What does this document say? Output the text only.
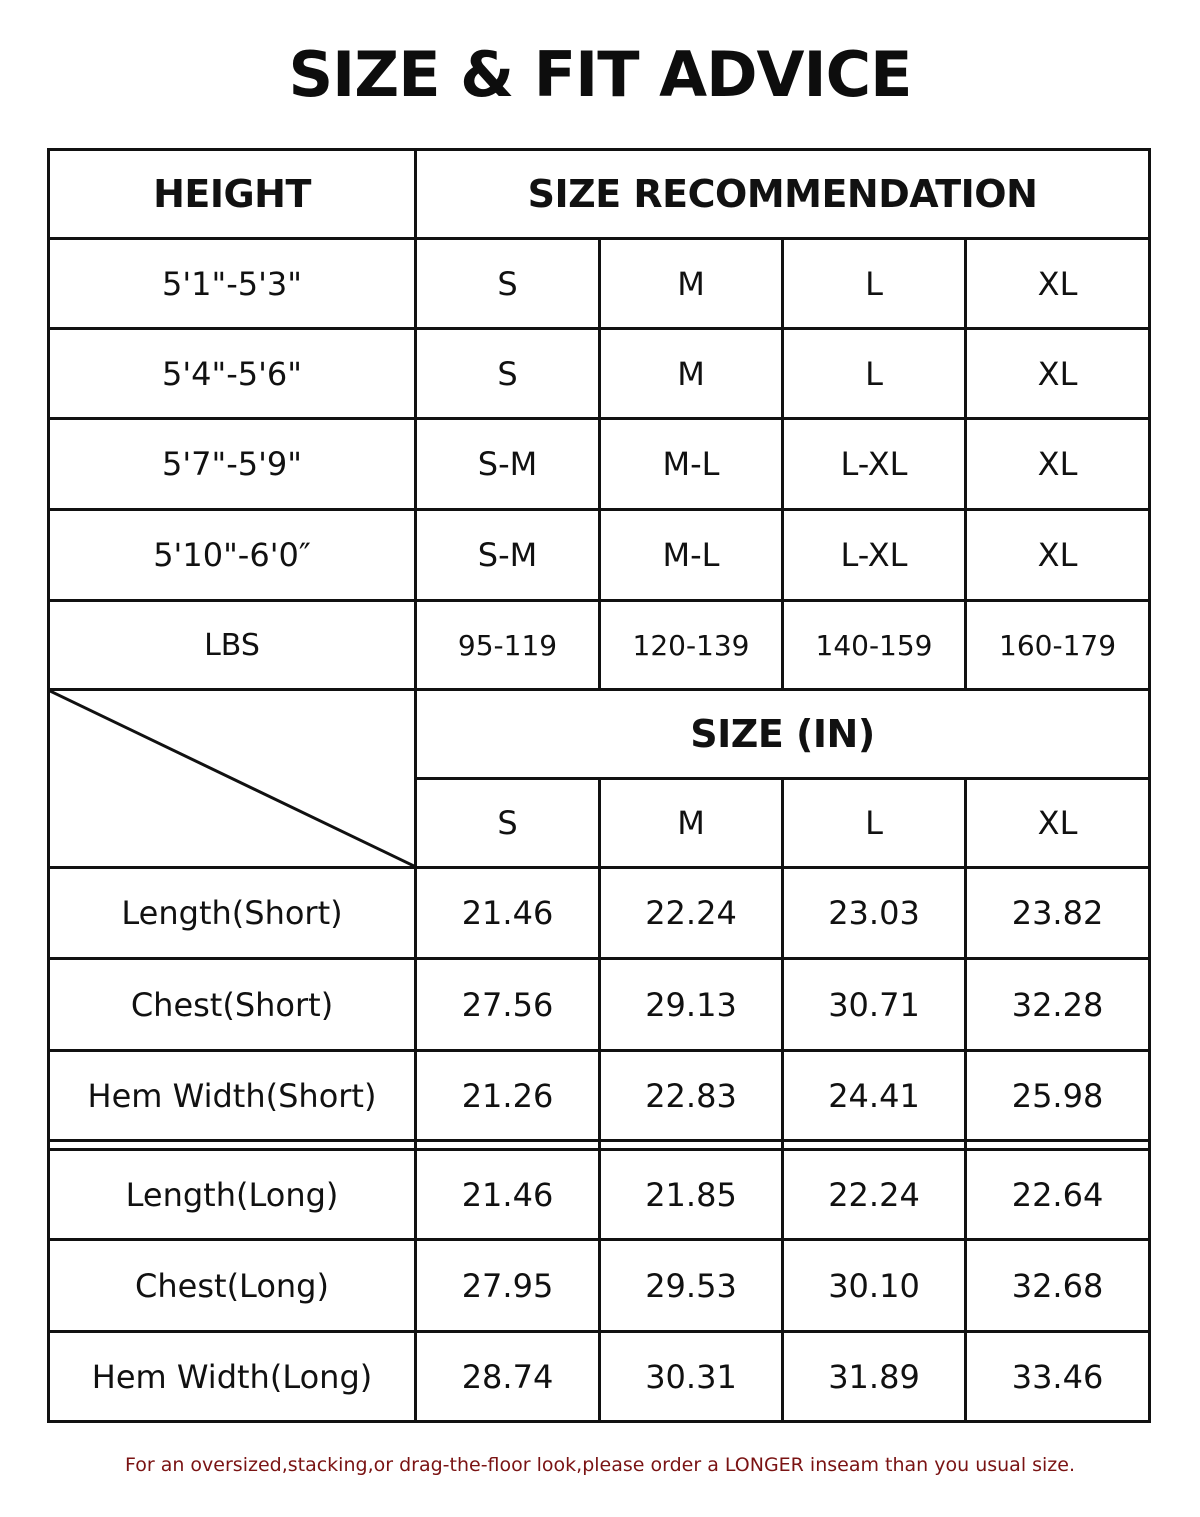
SIZE & FIT ADVICE
HEIGHT	SIZE RECOMMENDATION			
5'1"-5'3"	S	M	L	XL
5'4"-5'6"	S	M	L	XL
5'7"-5'9"	S-M	M-L	L-XL	XL
5'10"-6'0″	S-M	M-L	L-XL	XL
LBS	95-119	120-139	140-159	160-179

	SIZE (IN)			
	S	M	L	XL
Length(Short)	21.46	22.24	23.03	23.82
Chest(Short)	27.56	29.13	30.71	32.28
Hem Width(Short)	21.26	22.83	24.41	25.98

Length(Long)	21.46	21.85	22.24	22.64
Chest(Long)	27.95	29.53	30.10	32.68
Hem Width(Long)	28.74	30.31	31.89	33.46
For an oversized,stacking,or drag-the-floor look,please order a LONGER inseam than you usual size.
